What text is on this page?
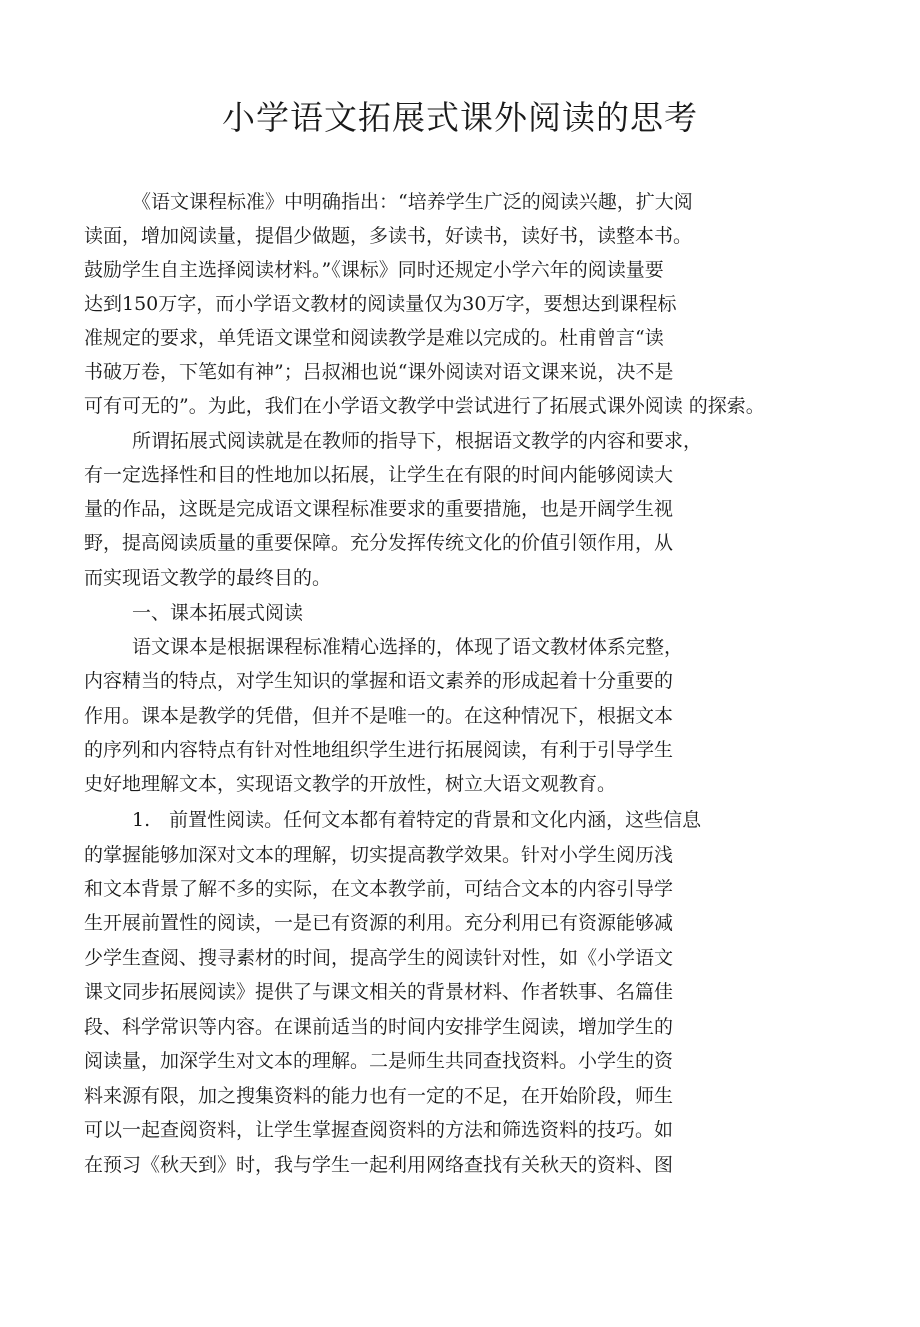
小学语文拓展式课外阅读的思考
《语文课程标准》中明确指出：“培养学生广泛的阅读兴趣，扩大阅
读面，增加阅读量，提倡少做题，多读书，好读书，读好书，读整本书。
鼓励学生自主选择阅读材料。”《课标》同时还规定小学六年的阅读量要
达到150万字，而小学语文教材的阅读量仅为30万字，要想达到课程标
准规定的要求，单凭语文课堂和阅读教学是难以完成的。杜甫曾言“读
书破万卷，下笔如有神”；吕叔湘也说“课外阅读对语文课来说，决不是
可有可无的”。为此，我们在小学语文教学中尝试进行了拓展式课外阅读 的探索。
所谓拓展式阅读就是在教师的指导下，根据语文教学的内容和要求，
有一定选择性和目的性地加以拓展，让学生在有限的时间内能够阅读大
量的作品，这既是完成语文课程标准要求的重要措施，也是开阔学生视
野，提高阅读质量的重要保障。充分发挥传统文化的价值引领作用，从
而实现语文教学的最终目的。
一、课本拓展式阅读
语文课本是根据课程标准精心选择的，体现了语文教材体系完整，
内容精当的特点，对学生知识的掌握和语文素养的形成起着十分重要的
作用。课本是教学的凭借，但并不是唯一的。在这种情况下，根据文本
的序列和内容特点有针对性地组织学生进行拓展阅读，有利于引导学生
史好地理解文本，实现语文教学的开放性，树立大语文观教育。
1.　前置性阅读。任何文本都有着特定的背景和文化内涵，这些信息
的掌握能够加深对文本的理解，切实提高教学效果。针对小学生阅历浅
和文本背景了解不多的实际，在文本教学前，可结合文本的内容引导学
生开展前置性的阅读，一是已有资源的利用。充分利用已有资源能够减
少学生查阅、搜寻素材的时间，提高学生的阅读针对性，如《小学语文
课文同步拓展阅读》提供了与课文相关的背景材料、作者轶事、名篇佳
段、科学常识等内容。在课前适当的时间内安排学生阅读，增加学生的
阅读量，加深学生对文本的理解。二是师生共同查找资料。小学生的资
料来源有限，加之搜集资料的能力也有一定的不足，在开始阶段，师生
可以一起查阅资料，让学生掌握查阅资料的方法和筛选资料的技巧。如
在预习《秋天到》时，我与学生一起利用网络查找有关秋天的资料、图
